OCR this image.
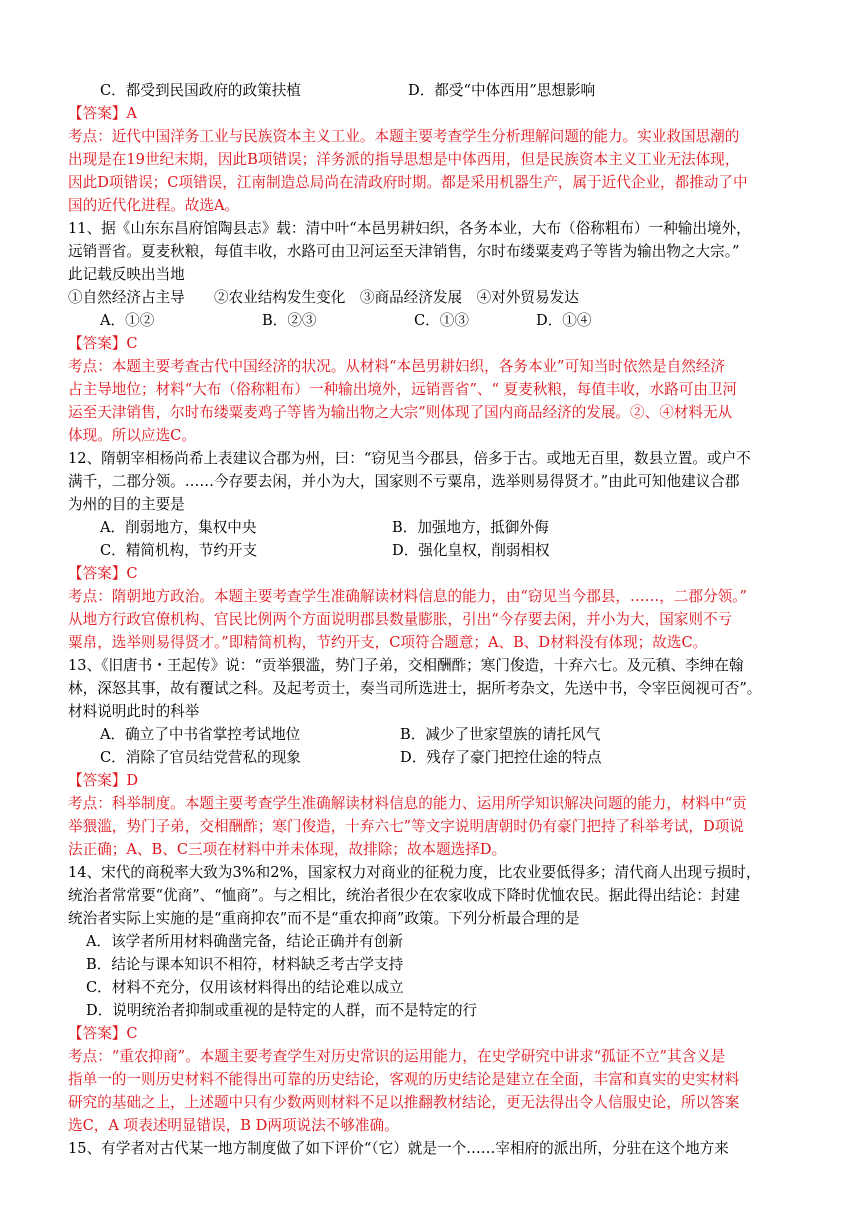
C．都受到民国政府的政策扶植	D．都受“中体西用”思想影响
【答案】A
考点：近代中国洋务工业与民族资本主义工业。本题主要考查学生分析理解问题的能力。实业救国思潮的
出现是在19世纪末期，因此B项错误；洋务派的指导思想是中体西用，但是民族资本主义工业无法体现，
因此D项错误；C项错误，江南制造总局尚在清政府时期。都是采用机器生产，属于近代企业，都推动了中
国的近代化进程。故选A。
11、据《山东东昌府馆陶县志》载：清中叶“本邑男耕妇织，各务本业，大布（俗称粗布）一种输出境外，
远销晋省。夏麦秋粮，每值丰收，水路可由卫河运至天津销售，尔时布缕粟麦鸡子等皆为输出物之大宗。”
此记载反映出当地
①自然经济占主导　　②农业结构发生变化　③商品经济发展　④对外贸易发达
A．①②	B．②③	C．①③	D．①④
【答案】C
考点：本题主要考查古代中国经济的状况。从材料“本邑男耕妇织，各务本业”可知当时依然是自然经济
占主导地位；材料“大布（俗称粗布）一种输出境外，远销晋省”、“ 夏麦秋粮，每值丰收，水路可由卫河
运至天津销售，尔时布缕粟麦鸡子等皆为输出物之大宗”则体现了国内商品经济的发展。②、④材料无从
体现。所以应选C。
12、隋朝宰相杨尚希上表建议合郡为州，曰：“窃见当今郡县，倍多于古。或地无百里，数县立置。或户不
满千，二郡分领。……今存要去闲，并小为大，国家则不亏粟帛，选举则易得贤才。”由此可知他建议合郡
为州的目的主要是
A．削弱地方，集权中央	B．加强地方，抵御外侮
C．精简机构，节约开支	D．强化皇权，削弱相权
【答案】C
考点：隋朝地方政治。本题主要考查学生准确解读材料信息的能力，由“窃见当今郡县，……，二郡分领。”
从地方行政官僚机构、官民比例两个方面说明郡县数量膨胀，引出“今存要去闲，并小为大，国家则不亏
粟帛，选举则易得贤才。”即精简机构，节约开支，C项符合题意；A、B、D材料没有体现；故选C。
13、《旧唐书・王起传》说：“贡举猥滥，势门子弟，交相酬酢；寒门俊造，十弃六七。及元稹、李绅在翰
林，深怒其事，故有覆试之科。及起考贡士，奏当司所选进士，据所考杂文，先送中书，令宰臣阅视可否”。
材料说明此时的科举
A．确立了中书省掌控考试地位	B．减少了世家望族的请托风气
C．消除了官员结党营私的现象	D．残存了豪门把控仕途的特点
【答案】D
考点：科举制度。本题主要考查学生准确解读材料信息的能力、运用所学知识解决问题的能力，材料中“贡
举猥滥，势门子弟，交相酬酢；寒门俊造，十弃六七”等文字说明唐朝时仍有豪门把持了科举考试，D项说
法正确；A、B、C三项在材料中并未体现，故排除；故本题选择D。
14、宋代的商税率大致为3%和2%，国家权力对商业的征税力度，比农业要低得多；清代商人出现亏损时，
统治者常常要“优商”、“恤商”。与之相比，统治者很少在农家收成下降时优恤农民。据此得出结论：封建
统治者实际上实施的是“重商抑农”而不是“重农抑商”政策。下列分析最合理的是
A．该学者所用材料确凿完备，结论正确并有创新
B．结论与课本知识不相符，材料缺乏考古学支持
C．材料不充分，仅用该材料得出的结论难以成立
D．说明统治者抑制或重视的是特定的人群，而不是特定的行
【答案】C
考点：“重农抑商”。本题主要考查学生对历史常识的运用能力，在史学研究中讲求“孤证不立”其含义是
指单一的一则历史材料不能得出可靠的历史结论，客观的历史结论是建立在全面，丰富和真实的史实材料
研究的基础之上，上述题中只有少数两则材料不足以推翻教材结论，更无法得出令人信服史论，所以答案
选C，A 项表述明显错误，B D两项说法不够准确。
15、有学者对古代某一地方制度做了如下评价“（它）就是一个……宰相府的派出所，分驻在这个地方来
